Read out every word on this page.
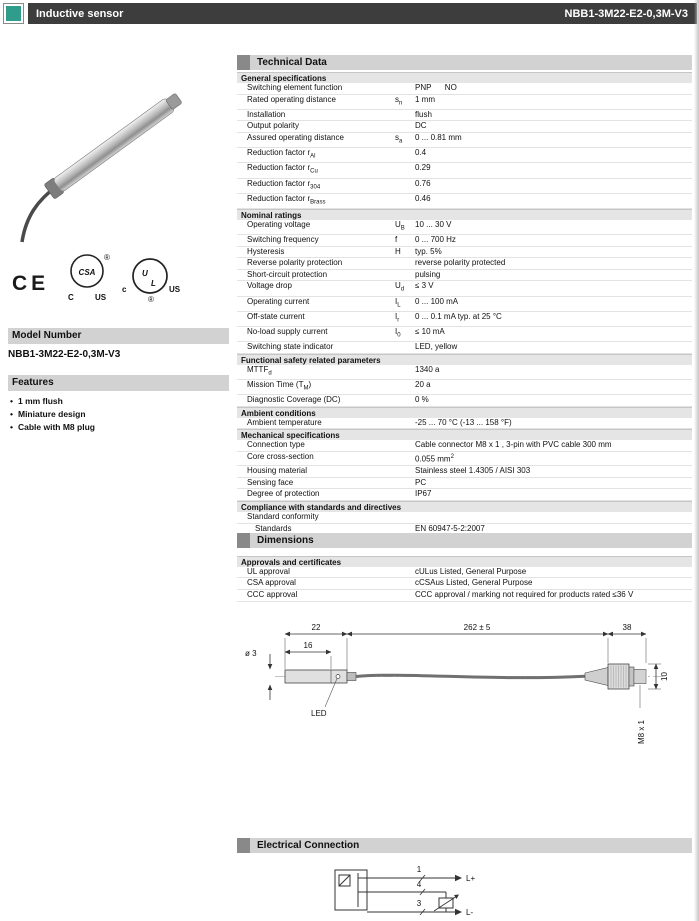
Inductive sensor	NBB1-3M22-E2-0,3M-V3
CE	CSA
®
C	US
c
U
L
US
®
Model Number
NBB1-3M22-E2-0,3M-V3
Features
• 1 mm flush
• Miniature design
• Cable with M8 plug
Technical Data
General specifications
Switching element function	PNP      NO
Rated operating distance	$s_n$	1 mm
Installation	flush
Output polarity	DC
Assured operating distance	$s_a$	0 ... 0.81 mm
Reduction factor $r_{Al}$	0.4
Reduction factor $r_{Cu}$	0.29
Reduction factor $r_{304}$	0.76
Reduction factor $r_{Brass}$	0.46
Nominal ratings
Operating voltage	$U_B$	10 ... 30 V
Switching frequency	f	0 ... 700 Hz
Hysteresis	H	typ. 5%
Reverse polarity protection	reverse polarity protected
Short-circuit protection	pulsing
Voltage drop	$U_d$	≤ 3 V
Operating current	$I_L$	0 ... 100 mA
Off-state current	$I_r$	0 ... 0.1 mA typ. at 25 °C
No-load supply current	$I_0$	≤ 10 mA
Switching state indicator	LED, yellow
Functional safety related parameters
$MTTF_d$	1340 a
Mission Time $(T_M)$	20 a
Diagnostic Coverage (DC)	0 %
Ambient conditions
Ambient temperature	-25 ... 70 °C (-13 ... 158 °F)
Mechanical specifications
Connection type	Cable connector M8 x 1 , 3-pin with PVC cable 300 mm
Core cross-section	0.055 $mm^2$
Housing material	Stainless steel 1.4305 / AISI 303
Sensing face	PC
Degree of protection	IP67
Compliance with standards and directives
Standard conformity
Standards	EN 60947-5-2:2007

Approvals and certificates
UL approval	cULus Listed, General Purpose
CSA approval	cCSAus Listed, General Purpose
CCC approval	CCC approval / marking not required for products rated ≤36 V
Dimensions
22	262 ± 5	38
16
ø 3
10
M8 x 1
LED
Electrical Connection
1
4
3
L+
L-
